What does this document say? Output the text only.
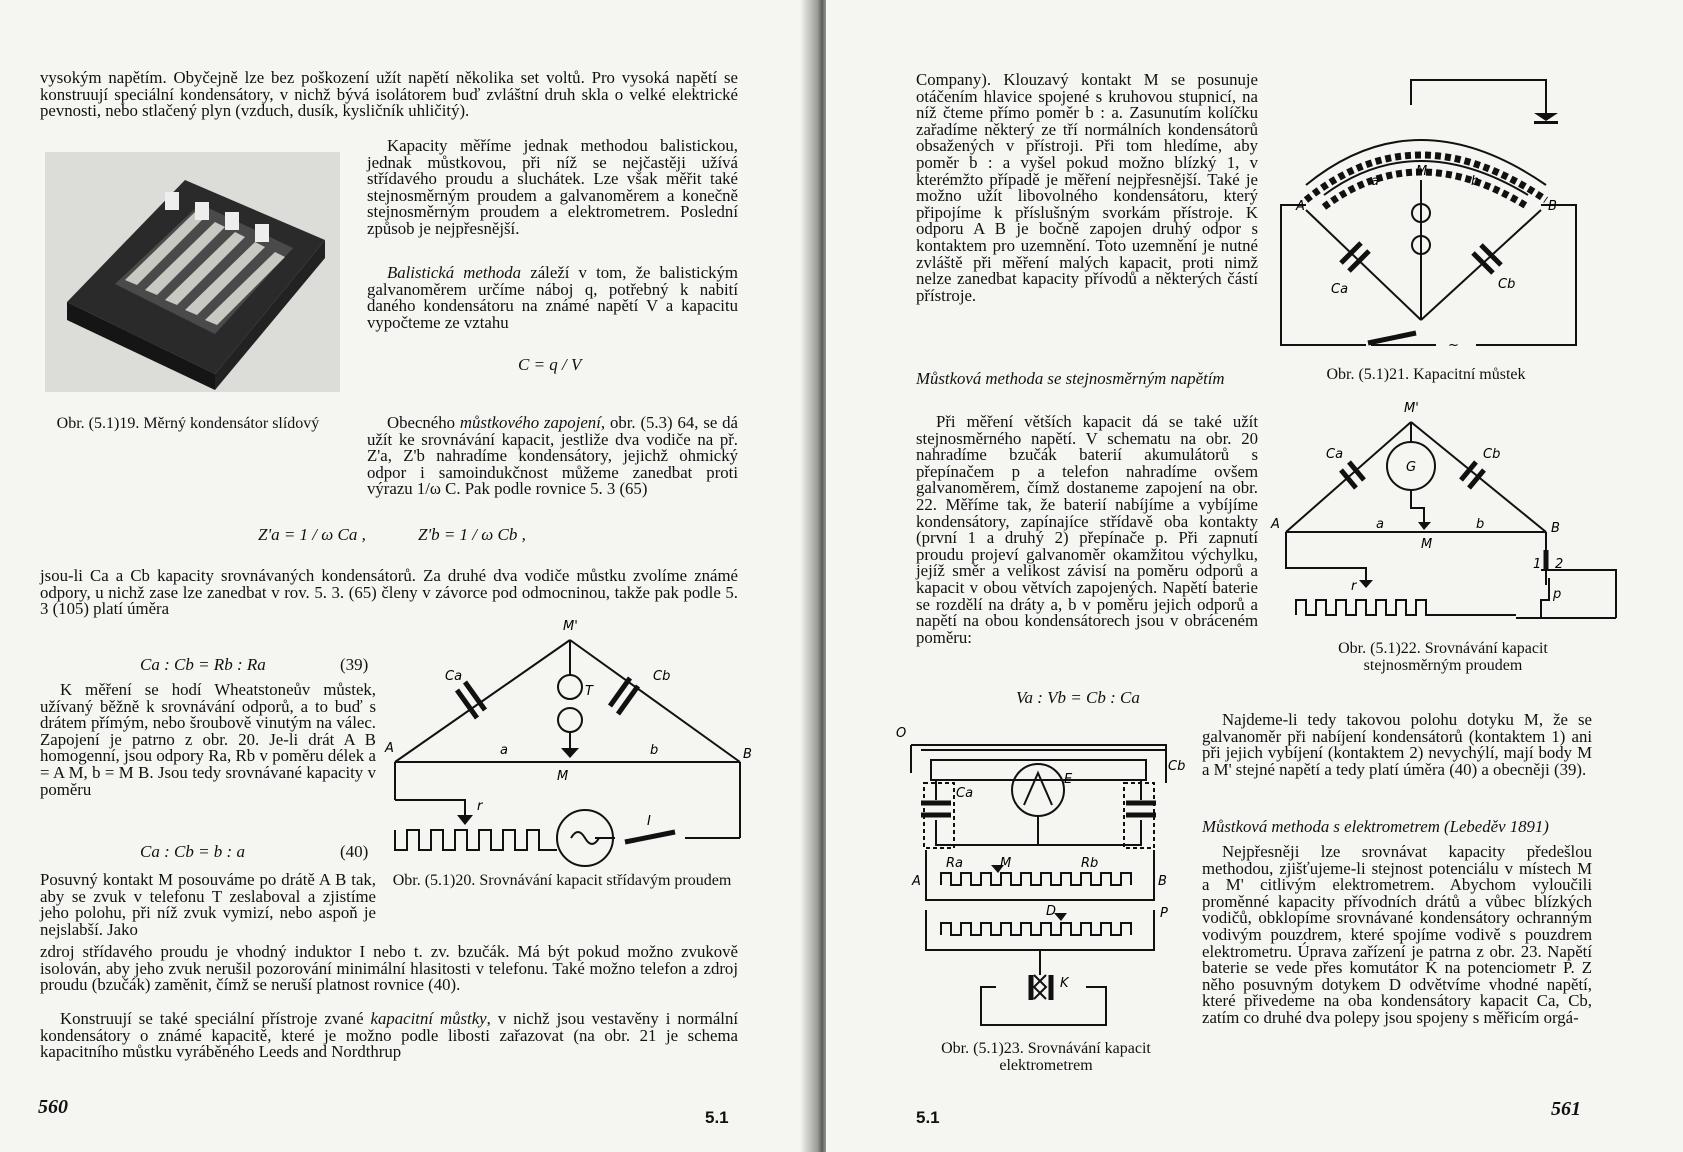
vysokým napětím. Obyčejně lze bez poškození užít napětí několika set voltů. Pro vysoká napětí se konstruují speciální kondensátory, v nichž bývá isolátorem buď zvláštní druh skla o velké elektrické pevnosti, nebo stlačený plyn (vzduch, dusík, kysličník uhličitý).

Kapacity měříme jednak methodou balistickou, jednak můstkovou, při níž se nejčastěji užívá střídavého proudu a sluchátek. Lze však měřit také stejnosměrným proudem a galvanoměrem a konečně stejnosměrným proudem a elektrometrem. Poslední způsob je nejpřesnější.

Balistická methoda záleží v tom, že balistickým galvanoměrem určíme náboj q, potřebný k nabití daného kondensátoru na známé napětí V a kapacitu vypočteme ze vztahu

C = q / V
Obr. (5.1)19. Měrný kondensátor slídový	Obecného můstkového zapojení, obr. (5.3) 64, se dá užít ke srovnávání kapacit, jestliže dva vodiče na př. Z'a, Z'b nahradíme kondensátory, jejichž ohmický odpor i samoindukčnost můžeme zanedbat proti výrazu 1/ω C. Pak podle rovnice 5. 3 (65)

Z'a = 1 / ω Ca ,	Z'b = 1 / ω Cb ,

jsou-li Ca a Cb kapacity srovnávaných kondensátorů. Za druhé dva vodiče můstku zvolíme známé odpory, u nichž zase lze zanedbat v rov. 5. 3. (65) členy v závorce pod odmocninou, takže pak podle 5. 3 (105) platí úměra

Ca : Cb = Rb : Ra	(39)

K měření se hodí Wheatstoneův můstek, užívaný běžně k srovnávání odporů, a to buď s drátem přímým, nebo šroubově vinutým na válec. Zapojení je patrno z obr. 20. Je-li drát A B homogenní, jsou odpory Ra, Rb v poměru délek a = A M, b = M B. Jsou tedy srovnávané kapacity v poměru

Ca : Cb = b : a	(40)

Posuvný kontakt M posouváme po drátě A B tak, aby se zvuk v telefonu T zeslaboval a zjistíme jeho polohu, při níž zvuk vymizí, nebo aspoň je nejslabší. Jako

zdroj střídavého proudu je vhodný induktor I nebo t. zv. bzučák. Má být pokud možno zvukově isolován, aby jeho zvuk nerušil pozorování minimální hlasitosti v telefonu. Také možno telefon a zdroj proudu (bzučák) zaměnit, čímž se neruší platnost rovnice (40).

Konstruují se také speciální přístroje zvané kapacitní můstky, v nichž jsou vestavěny i normální kondensátory o známé kapacitě, které je možno podle libosti zařazovat (na obr. 21 je schema kapacitního můstku vyráběného Leeds and Nordthrup

A	B
M
M'
a	b
T
r
I
Ca	Cb
Obr. (5.1)20. Srovnávání kapacit střídavým proudem
560	5.1

Company). Klouzavý kontakt M se posunuje otáčením hlavice spojené s kruhovou stupnicí, na níž čteme přímo poměr b : a. Zasunutím kolíčku zařadíme některý ze tří normálních kondensátorů obsažených v přístroji. Při tom hledíme, aby poměr b : a vyšel pokud možno blízký 1, v kterémžto případě je měření nejpřesnější. Také je možno užít libovolného kondensátoru, který připojíme k příslušným svorkám přístroje. K odporu A B je bočně zapojen druhý odpor s kontaktem pro uzemnění. Toto uzemnění je nutné zvláště při měření malých kapacit, proti nimž nelze zanedbat kapacity přívodů a některých částí přístroje.

A	B
M
a	b
Ca	Cb
~
Obr. (5.1)21. Kapacitní můstek
Můstková methoda se stejnosměrným napětím

Při měření větších kapacit dá se také užít stejnosměrného napětí. V schematu na obr. 20 nahradíme bzučák baterií akumulátorů s přepínačem p a telefon nahradíme ovšem galvanoměrem, čímž dostaneme zapojení na obr. 22. Měříme tak, že baterií nabíjíme a vybíjíme kondensátory, zapínajíce střídavě oba kontakty (první 1 a druhý 2) přepínače p. Při zapnutí proudu projeví galvanoměr okamžitou výchylku, jejíž směr a velikost závisí na poměru odporů a kapacit v obou větvích zapojených. Napětí baterie se rozdělí na dráty a, b v poměru jejich odporů a napětí na obou kondensátorech jsou v obráceném poměru:

A	B
M
M'
a	b
G
Ca	Cb
r
p
1 2
Obr. (5.1)22. Srovnávání kapacit stejnosměrným proudem
Va : Vb = Cb : Ca
O
Cb
Ca
E
Ra	M	Rb
A	B
D	P
K
Obr. (5.1)23. Srovnávání kapacit elektrometrem

Najdeme-li tedy takovou polohu dotyku M, že se galvanoměr při nabíjení kondensátorů (kontaktem 1) ani při jejich vybíjení (kontaktem 2) nevychýlí, mají body M a M' stejné napětí a tedy platí úměra (40) a obecněji (39).

Můstková methoda s elektrometrem (Lebeděv 1891)

Nejpřesněji lze srovnávat kapacity předešlou methodou, zjišťujeme-li stejnost potenciálu v místech M a M' citlivým elektrometrem. Abychom vyloučili proměnné kapacity přívodních drátů a vůbec blízkých vodičů, obklopíme srovnávané kondensátory ochranným vodivým pouzdrem, které spojíme vodivě s pouzdrem elektrometru. Úprava zařízení je patrna z obr. 23. Napětí baterie se vede přes komutátor K na potenciometr P. Z něho posuvným dotykem D odvětvíme vhodné napětí, které přivedeme na oba kondensátory kapacit Ca, Cb, zatím co druhé dva polepy jsou spojeny s měřicím orgá-

5.1	561
